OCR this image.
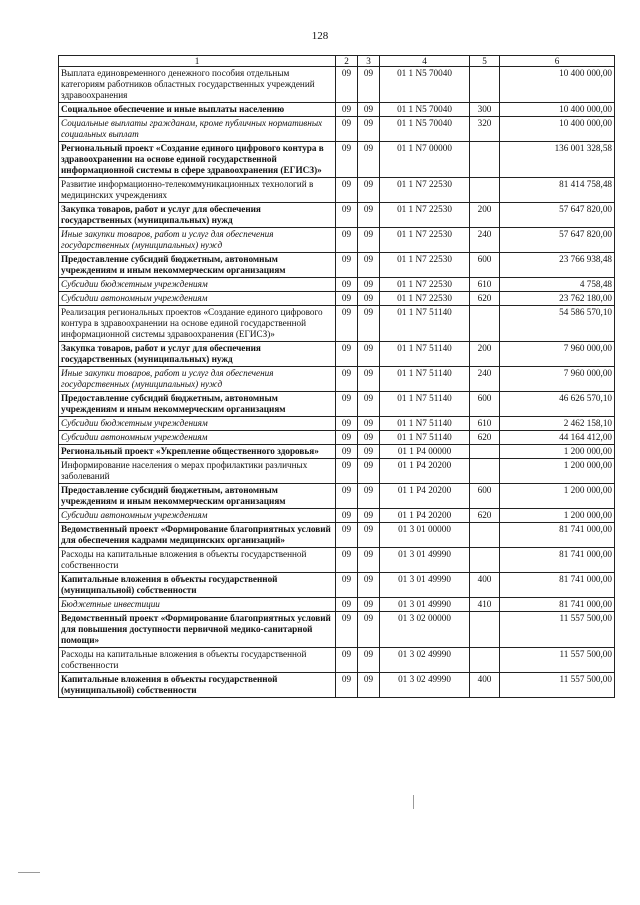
128
1	2	3	4	5	6
Выплата единовременного денежного пособия отдельным категориям работников областных государственных учреждений здравоохранения	09	09	01 1 N5 70040		10 400 000,00
Социальное обеспечение и иные выплаты населению	09	09	01 1 N5 70040	300	10 400 000,00
Социальные выплаты гражданам, кроме публичных нормативных социальных выплат	09	09	01 1 N5 70040	320	10 400 000,00
Региональный проект «Создание единого цифрового контура в здравоохранении на основе единой государственной информационной системы в сфере здравоохранения (ЕГИСЗ)»	09	09	01 1 N7 00000		136 001 328,58
Развитие информационно-телекоммуникационных технологий в медицинских учреждениях	09	09	01 1 N7 22530		81 414 758,48
Закупка товаров, работ и услуг для обеспечения государственных (муниципальных) нужд	09	09	01 1 N7 22530	200	57 647 820,00
Иные закупки товаров, работ и услуг для обеспечения государственных (муниципальных) нужд	09	09	01 1 N7 22530	240	57 647 820,00
Предоставление субсидий бюджетным, автономным учреждениям и иным некоммерческим организациям	09	09	01 1 N7 22530	600	23 766 938,48
Субсидии бюджетным учреждениям	09	09	01 1 N7 22530	610	4 758,48
Субсидии автономным учреждениям	09	09	01 1 N7 22530	620	23 762 180,00
Реализация региональных проектов «Создание единого цифрового контура в здравоохранении на основе единой государственной информационной системы здравоохранения (ЕГИСЗ)»	09	09	01 1 N7 51140		54 586 570,10
Закупка товаров, работ и услуг для обеспечения государственных (муниципальных) нужд	09	09	01 1 N7 51140	200	7 960 000,00
Иные закупки товаров, работ и услуг для обеспечения государственных (муниципальных) нужд	09	09	01 1 N7 51140	240	7 960 000,00
Предоставление субсидий бюджетным, автономным учреждениям и иным некоммерческим организациям	09	09	01 1 N7 51140	600	46 626 570,10
Субсидии бюджетным учреждениям	09	09	01 1 N7 51140	610	2 462 158,10
Субсидии автономным учреждениям	09	09	01 1 N7 51140	620	44 164 412,00
Региональный проект «Укрепление общественного здоровья»	09	09	01 1 P4 00000		1 200 000,00
Информирование населения о мерах профилактики различных заболеваний	09	09	01 1 P4 20200		1 200 000,00
Предоставление субсидий бюджетным, автономным учреждениям и иным некоммерческим организациям	09	09	01 1 P4 20200	600	1 200 000,00
Субсидии автономным учреждениям	09	09	01 1 P4 20200	620	1 200 000,00
Ведомственный проект «Формирование благоприятных условий для обеспечения кадрами медицинских организаций»	09	09	01 3 01 00000		81 741 000,00
Расходы на капитальные вложения в объекты государственной собственности	09	09	01 3 01 49990		81 741 000,00
Капитальные вложения в объекты государственной (муниципальной) собственности	09	09	01 3 01 49990	400	81 741 000,00
Бюджетные инвестиции	09	09	01 3 01 49990	410	81 741 000,00
Ведомственный проект «Формирование благоприятных условий для повышения доступности первичной медико-санитарной помощи»	09	09	01 3 02 00000		11 557 500,00
Расходы на капитальные вложения в объекты государственной собственности	09	09	01 3 02 49990		11 557 500,00
Капитальные вложения в объекты государственной (муниципальной) собственности	09	09	01 3 02 49990	400	11 557 500,00
